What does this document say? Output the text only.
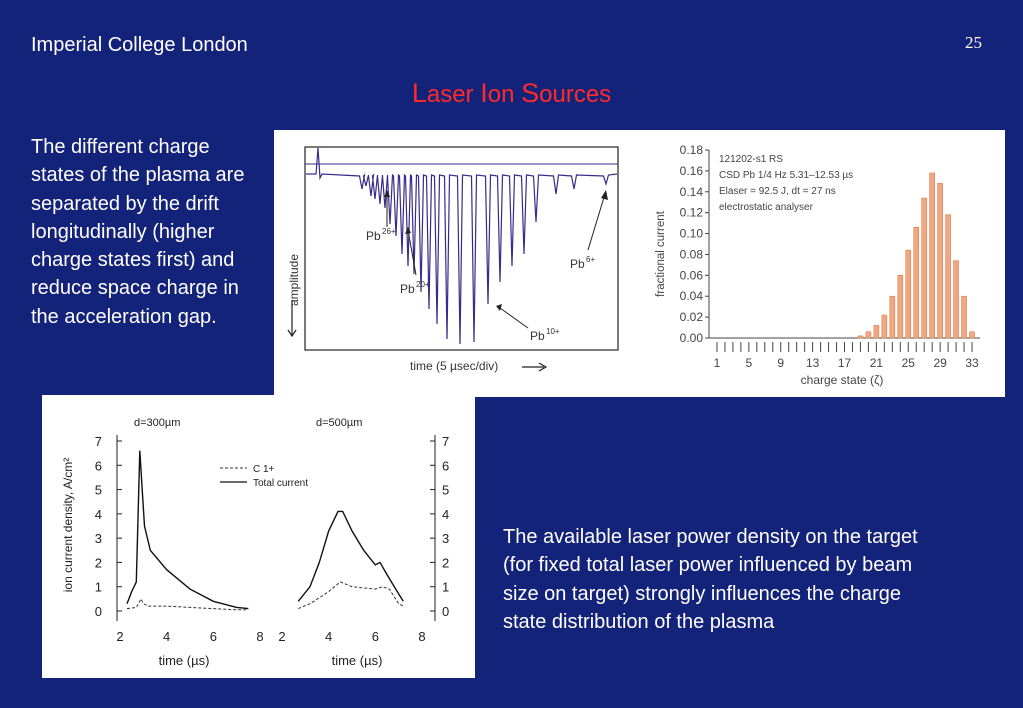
Imperial College London	25
Laser Ion Sources
The different charge states of the plasma are separated by the drift longitudinally (higher charge states first) and reduce space charge in the acceleration gap.
The available laser power density on the target (for fixed total laser power influenced by beam size on target) strongly influences the charge state distribution of the plasma
amplitude
time (5 µsec/div)
Pb 26+
Pb 20+
Pb 10+
Pb 6+
0.00
0.02
0.04
0.06
0.08
0.10
0.12
0.14
0.16
0.18
1 5 9 13 17 21 25 29 33
fractional current
charge state (ζ)
121202-s1 RS
CSD Pb 1/4 Hz 5.31–12.53 µs
Elaser = 92.5 J, dt = 27 ns
electrostatic analyser
d=300µm	d=500µm
0	0
1	1
2	2
3	3
4	4
5	5
6	6
7	7
2	4	6	8 2	4	6	8
ion current density, A/cm²
time (µs)	time (µs)
C 1+
Total current
